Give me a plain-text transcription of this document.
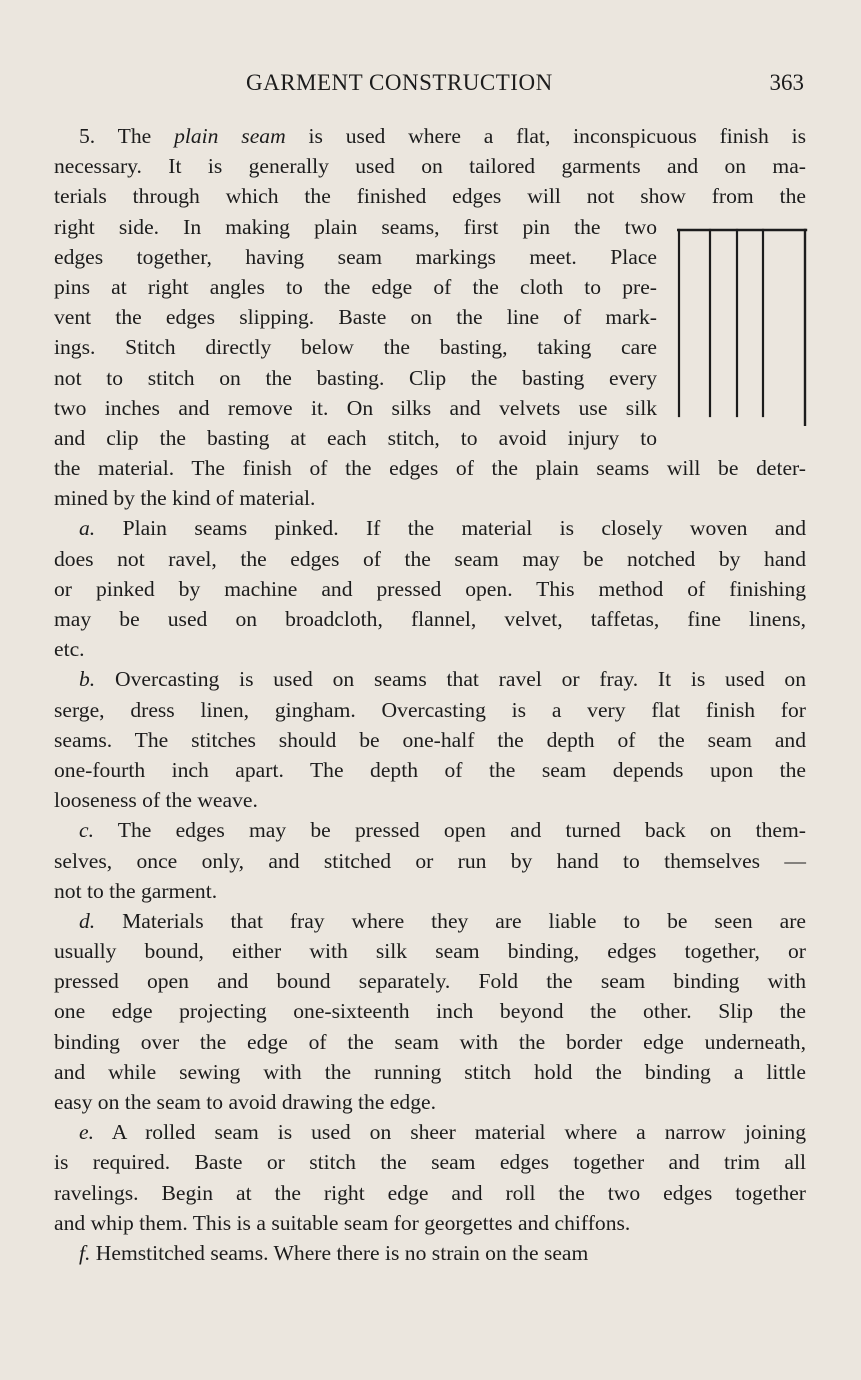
GARMENT CONSTRUCTION	363
5. The plain seam is used where a flat, inconspicuous finish is
necessary. It is generally used on tailored garments and on ma-
terials through which the finished edges will not show from the
right side. In making plain seams, first pin the two
edges together, having seam markings meet. Place
pins at right angles to the edge of the cloth to pre-
vent the edges slipping. Baste on the line of mark-
ings. Stitch directly below the basting, taking care
not to stitch on the basting. Clip the basting every
two inches and remove it. On silks and velvets use silk
and clip the basting at each stitch, to avoid injury to
the material. The finish of the edges of the plain seams will be deter-
mined by the kind of material.
a. Plain seams pinked. If the material is closely woven and
does not ravel, the edges of the seam may be notched by hand
or pinked by machine and pressed open. This method of finishing
may be used on broadcloth, flannel, velvet, taffetas, fine linens,
etc.
b. Overcasting is used on seams that ravel or fray. It is used on
serge, dress linen, gingham. Overcasting is a very flat finish for
seams. The stitches should be one-half the depth of the seam and
one-fourth inch apart. The depth of the seam depends upon the
looseness of the weave.
c. The edges may be pressed open and turned back on them-
selves, once only, and stitched or run by hand to themselves —
not to the garment.
d. Materials that fray where they are liable to be seen are
usually bound, either with silk seam binding, edges together, or
pressed open and bound separately. Fold the seam binding with
one edge projecting one-sixteenth inch beyond the other. Slip the
binding over the edge of the seam with the border edge underneath,
and while sewing with the running stitch hold the binding a little
easy on the seam to avoid drawing the edge.
e. A rolled seam is used on sheer material where a narrow joining
is required. Baste or stitch the seam edges together and trim all
ravelings. Begin at the right edge and roll the two edges together
and whip them. This is a suitable seam for georgettes and chiffons.
f. Hemstitched seams. Where there is no strain on the seam
